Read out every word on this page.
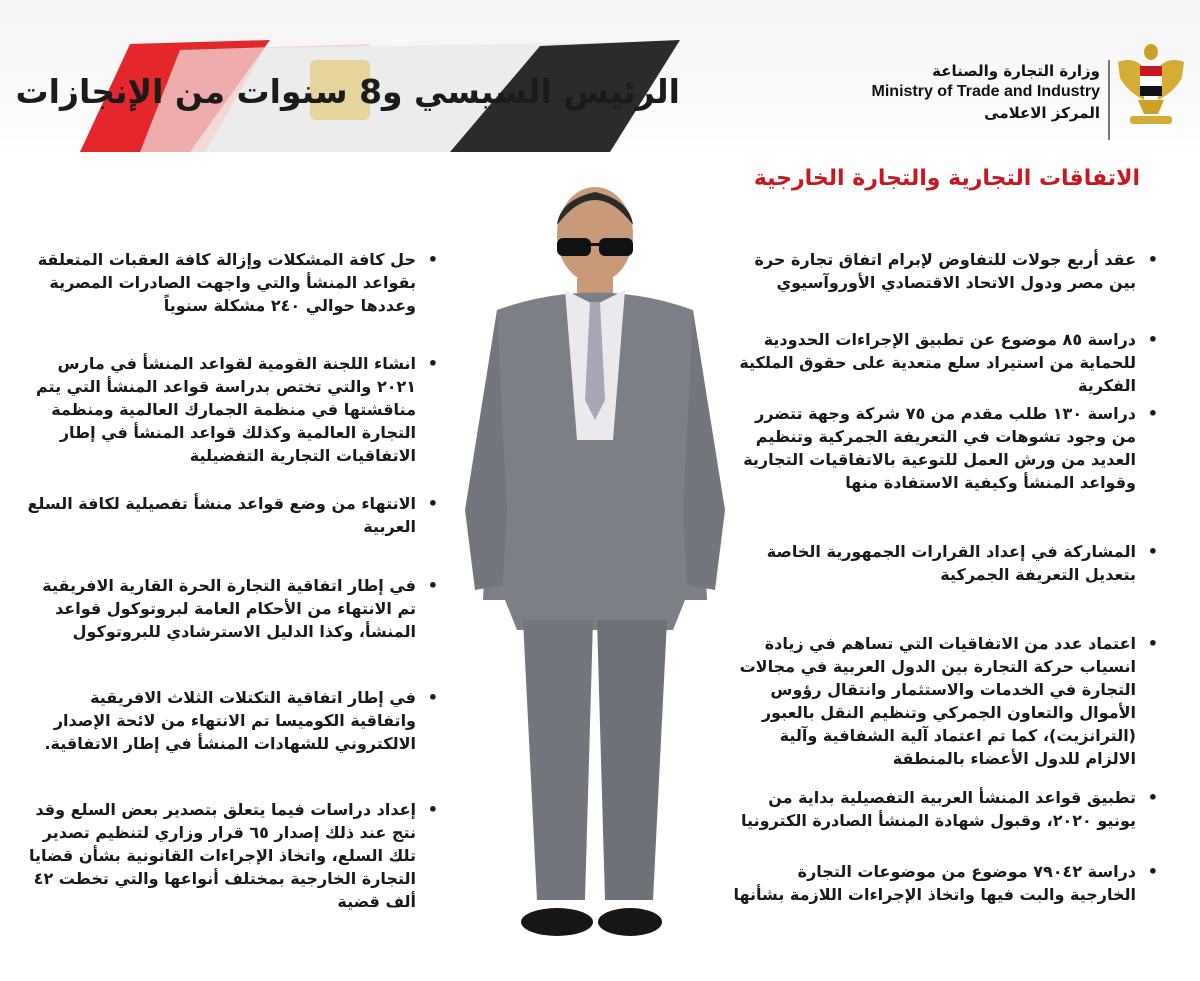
الرئيس السيسي و8 سنوات من الإنجازات
وزارة التجارة والصناعة
Ministry of Trade and Industry
المركز الاعلامى
الاتفاقات التجارية والتجارة الخارجية
• عقد أربع جولات للتفاوض لإبرام اتفاق تجارة حرة بين مصر ودول الاتحاد الاقتصادي الأوروآسيوي
• دراسة ٨٥ موضوع عن تطبيق الإجراءات الحدودية للحماية من استيراد سلع متعدية على حقوق الملكية الفكرية
• دراسة ١٣٠ طلب مقدم من ٧٥ شركة وجهة تتضرر من وجود تشوهات في التعريفة الجمركية وتنظيم العديد من ورش العمل للتوعية بالاتفاقيات التجارية وقواعد المنشأ وكيفية الاستفادة منها
• المشاركة في إعداد القرارات الجمهورية الخاصة بتعديل التعريفة الجمركية
• اعتماد عدد من الاتفاقيات التي تساهم في زيادة انسياب حركة التجارة بين الدول العربية في مجالات التجارة في الخدمات والاستثمار وانتقال رؤوس الأموال والتعاون الجمركي وتنظيم النقل بالعبور (الترانزيت)، كما تم اعتماد آلية الشفافية وآلية الالزام للدول الأعضاء بالمنطقة
• تطبيق قواعد المنشأ العربية التفصيلية بداية من يونيو ٢٠٢٠، وقبول شهادة المنشأ الصادرة الكترونيا
• دراسة ٧٩٠٤٢ موضوع من موضوعات التجارة الخارجية والبت فيها واتخاذ الإجراءات اللازمة بشأنها
• حل كافة المشكلات وإزالة كافة العقبات المتعلقة بقواعد المنشأ والتي واجهت الصادرات المصرية وعددها حوالي ٢٤٠ مشكلة سنوياً
• انشاء اللجنة القومية لقواعد المنشأ في مارس ٢٠٢١ والتي تختص بدراسة قواعد المنشأ التي يتم مناقشتها في منظمة الجمارك العالمية ومنظمة التجارة العالمية وكذلك قواعد المنشأ في إطار الاتفاقيات التجارية التفضيلية
• الانتهاء من وضع قواعد منشأ تفصيلية لكافة السلع العربية
• في إطار اتفاقية التجارة الحرة القارية الافريقية تم الانتهاء من الأحكام العامة لبروتوكول قواعد المنشأ، وكذا الدليل الاسترشادي للبروتوكول
• في إطار اتفاقية التكتلات الثلاث الافريقية واتفاقية الكوميسا تم الانتهاء من لائحة الإصدار الالكتروني للشهادات المنشأ في إطار الاتفاقية.
• إعداد دراسات فيما يتعلق بتصدير بعض السلع وقد نتج عند ذلك إصدار ٦٥ قرار وزاري لتنظيم تصدير تلك السلع، واتخاذ الإجراءات القانونية بشأن قضايا التجارة الخارجية بمختلف أنواعها والتي تخطت ٤٢ ألف قضية
